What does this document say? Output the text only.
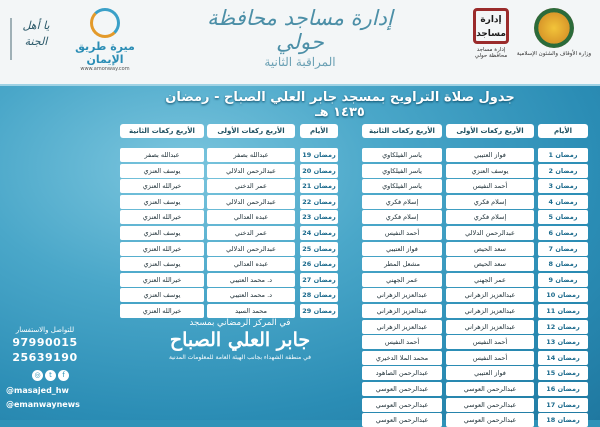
وزارة الأوقاف والشئون الإسلامية
إدارة مساجد
إدارة مساجد محافظة حولي
إدارة مساجد محافظة حولي
المراقبة الثانية
ميرة طريق الإيمان
www.amonway.com
يا أهل الجنة
جدول صلاة التراويح بمسجد جابر العلي الصباح - رمضان ١٤٣٥ هـ
الأيام
الأربع ركعات الأولى
الأربع ركعات الثانية
1 رمضان
فواز العتيبي
ياسر الفيلكاوي
2 رمضان
يوسف العنزي
ياسر الفيلكاوي
3 رمضان
أحمد النفيس
ياسر الفيلكاوي
4 رمضان
إسلام فكري
إسلام فكري
5 رمضان
إسلام فكري
إسلام فكري
6 رمضان
عبدالرحمن الدلالي
أحمد النفيس
7 رمضان
سعد الحيص
فواز العتيبي
8 رمضان
سعد الحيص
مشعل المطر
9 رمضان
عمر الجهني
عمر الجهني
10 رمضان
عبدالعزيز الزهراني
عبدالعزيز الزهراني
11 رمضان
عبدالعزيز الزهراني
عبدالعزيز الزهراني
12 رمضان
عبدالعزيز الزهراني
عبدالعزيز الزهراني
13 رمضان
أحمد النفيس
أحمد النفيس
14 رمضان
أحمد النفيس
محمد الملا الدخيري
15 رمضان
فواز العتيبي
عبدالرحمن الصاهود
16 رمضان
عبدالرحمن العوسي
عبدالرحمن العوسي
17 رمضان
عبدالرحمن العوسي
عبدالرحمن العوسي
18 رمضان
عبدالرحمن العوسي
عبدالرحمن العوسي
الأيام
الأربع ركعات الأولى
الأربع ركعات الثانية
19 رمضان
عبدالله بصفر
عبدالله بصفر
20 رمضان
عبدالرحمن الدلالي
يوسف العنزي
21 رمضان
عمر الدخني
خيرالله العنزي
22 رمضان
عبدالرحمن الدلالي
يوسف العنزي
23 رمضان
عبده العدالي
خيرالله العنزي
24 رمضان
عمر الدخني
يوسف العنزي
25 رمضان
عبدالرحمن الدلالي
خيرالله العنزي
26 رمضان
عبده العدالي
يوسف العنزي
27 رمضان
د. محمد العتيبي
خيرالله العنزي
28 رمضان
د. محمد العتيبي
يوسف العنزي
29 رمضان
محمد السيد
خيرالله العنزي
للتواصل والاستفسار
97990015
25639190
◎	t	f
@masajed_hw
@emanwaynews
في المركز الرمضاني بمسجد
جابر العلي الصباح
في منطقة الشهداء بجانب الهيئة العامة للمعلومات المدنية
